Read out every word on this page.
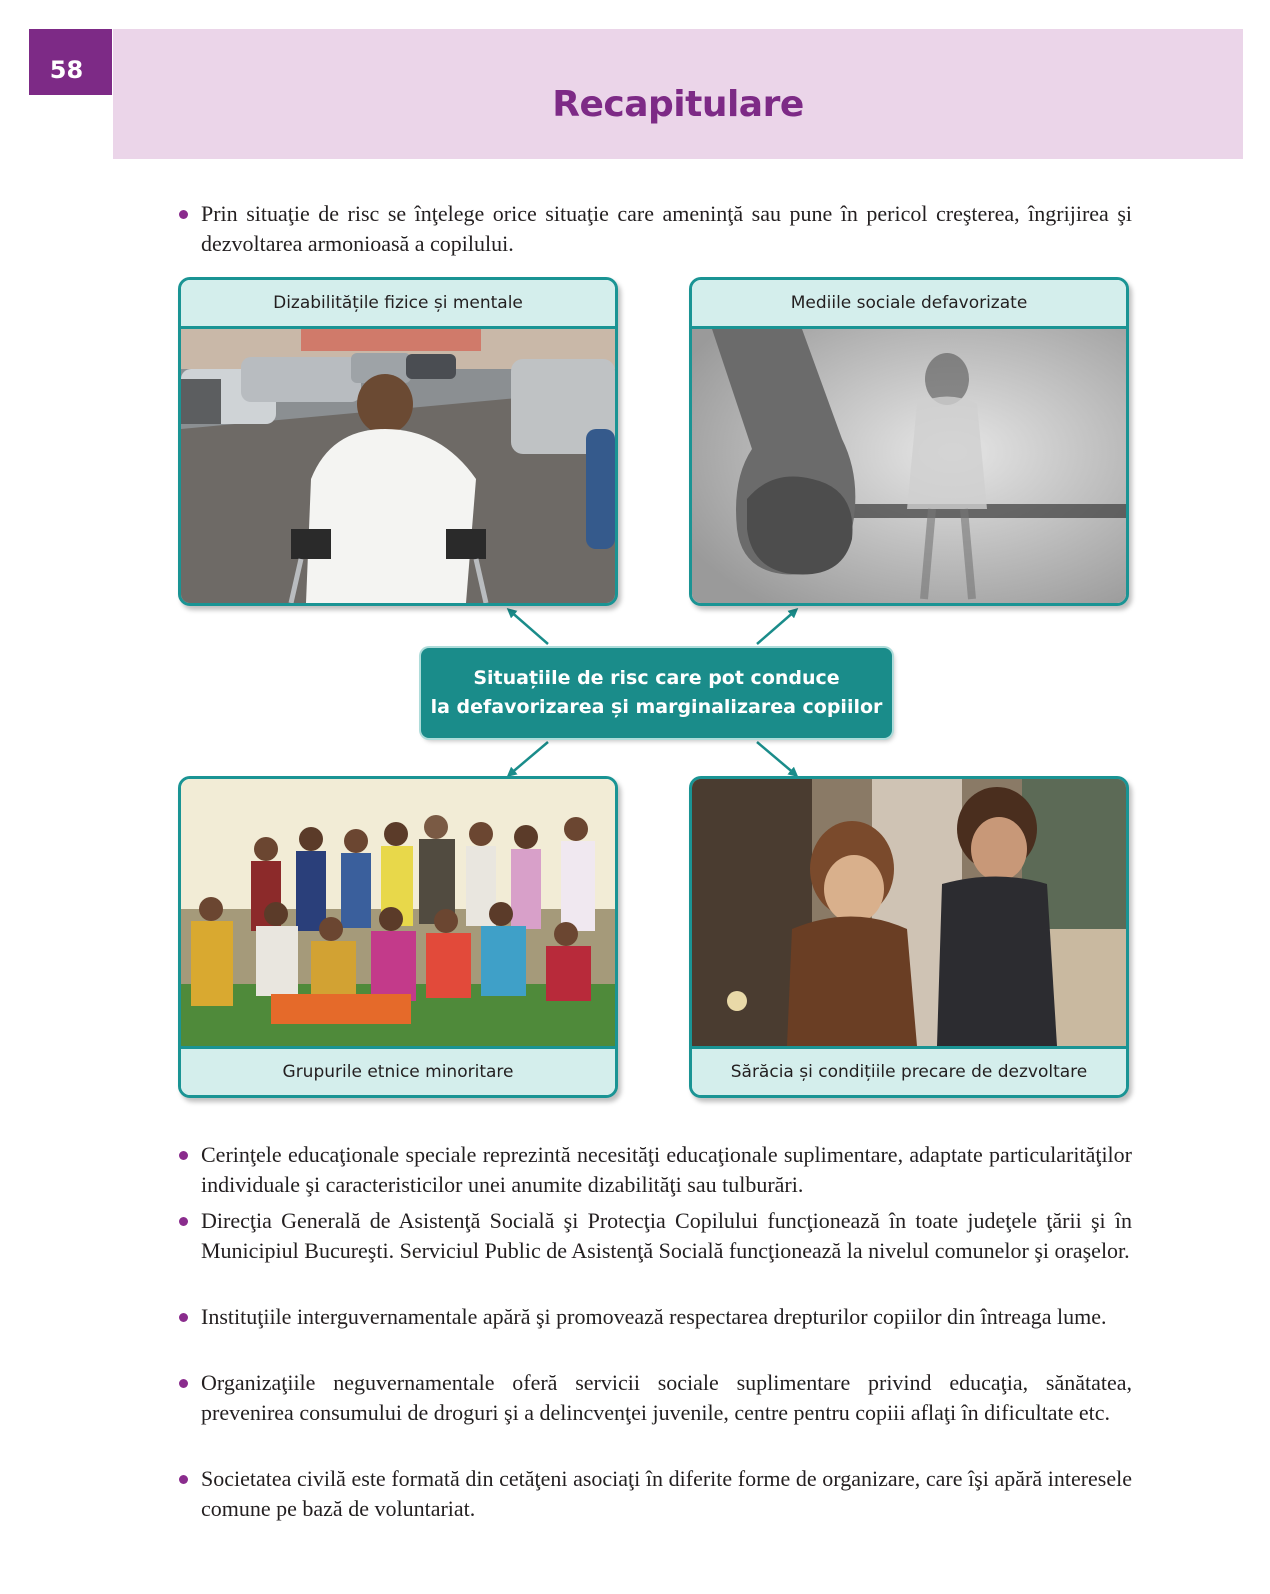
58
Recapitulare

Prin situaţie de risc se înţelege orice situaţie care ameninţă sau pune în pericol creşterea, îngrijirea şi dezvoltarea armonioasă a copilului.

Dizabilitățile fizice și mentale	Mediile sociale defavorizate
Situațiile de risc care pot conduce
la defavorizarea și marginalizarea copiilor
Grupurile etnice minoritare	Sărăcia și condițiile precare de dezvoltare

Cerinţele educaţionale speciale reprezintă necesităţi educaţionale suplimentare, adaptate particularităţilor individuale şi caracteristicilor unei anumite dizabilităţi sau tulburări.

Direcţia Generală de Asistenţă Socială şi Protecţia Copilului funcţionează în toate judeţele ţării şi în Municipiul Bucureşti. Serviciul Public de Asistenţă Socială funcţionează la nivelul comunelor şi oraşelor.

Instituţiile interguvernamentale apără şi promovează respectarea drepturilor copiilor din întreaga lume.

Organizaţiile neguvernamentale oferă servicii sociale suplimentare privind educaţia, sănătatea, prevenirea consumului de droguri şi a delincvenţei juvenile, centre pentru copiii aflaţi în dificultate etc.

Societatea civilă este formată din cetăţeni asociaţi în diferite forme de organizare, care îşi apără interesele comune pe bază de voluntariat.
